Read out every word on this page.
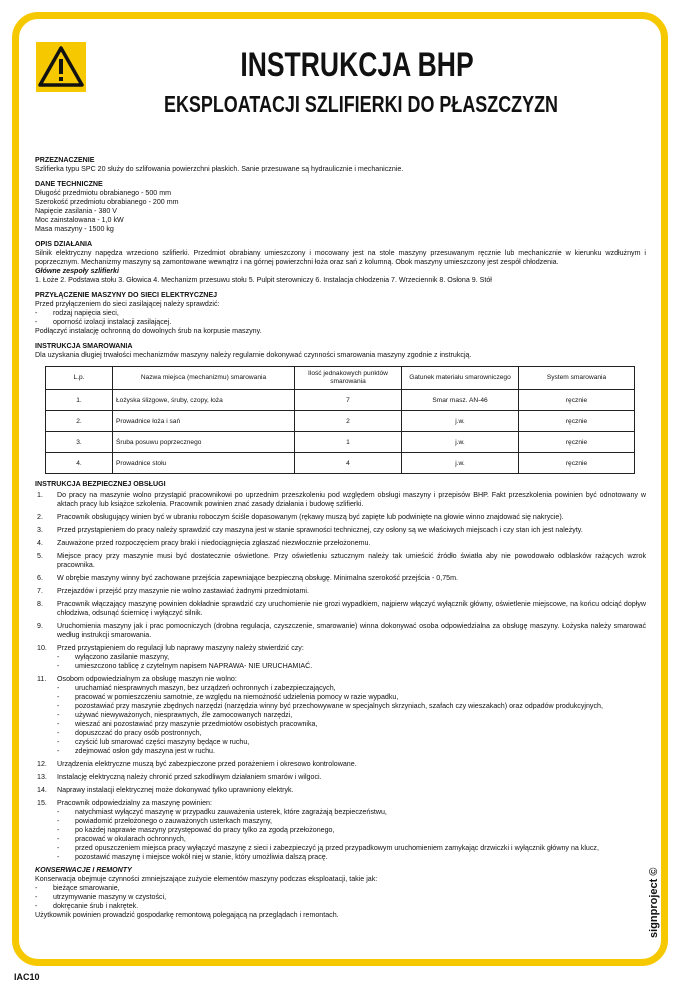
INSTRUKCJA BHP
EKSPLOATACJI SZLIFIERKI DO PŁASZCZYZN
PRZEZNACZENIE
Szlifierka typu SPC 20 służy do szlifowania powierzchni płaskich. Sanie przesuwane są hydraulicznie i mechanicznie.
DANE TECHNICZNE
Długość przedmiotu obrabianego - 500 mm
Szerokość przedmiotu obrabianego - 200 mm
Napięcie zasilania - 380 V
Moc zainstalowana - 1,0 kW
Masa maszyny - 1500 kg
OPIS DZIAŁANIA
Silnik elektryczny napędza wrzeciono szlifierki. Przedmiot obrabiany umieszczony i mocowany jest na stole maszyny przesuwanym ręcznie lub mechanicznie w kierunku wzdłużnym i poprzecznym. Mechanizmy maszyny są zamontowane wewnątrz i na górnej powierzchni łoża oraz sań z kolumną. Obok maszyny umieszczony jest zespół chłodzenia.
Główne zespoły szlifierki
1. Łoże 2. Podstawa stołu 3. Głowica 4. Mechanizm przesuwu stołu 5. Pulpit sterowniczy 6. Instalacja chłodzenia 7. Wrzeciennik 8. Osłona 9. Stół
PRZYŁĄCZENIE MASZYNY DO SIECI ELEKTRYCZNEJ
Przed przyłączeniem do sieci zasilającej należy sprawdzić:
- rodzaj napięcia sieci,
- oporność izolacji instalacji zasilającej.
Podłączyć instalację ochronną do dowolnych śrub na korpusie maszyny.
INSTRUKCJA SMAROWANIA
Dla uzyskania długiej trwałości mechanizmów maszyny należy regularnie dokonywać czynności smarowania maszyny zgodnie z instrukcją.
L.p.	Nazwa miejsca (mechanizmu) smarowania	Ilość jednakowych punktów smarowania	Gatunek materiału smarowniczego	System smarowania
1.	Łożyska ślizgowe, śruby, czopy, łoża	7	Smar masz. AN-46	ręcznie
2.	Prowadnice łoża i sań	2	j.w.	ręcznie
3.	Śruba posuwu poprzecznego	1	j.w.	ręcznie
4.	Prowadnice stołu	4	j.w.	ręcznie
INSTRUKCJA BEZPIECZNEJ OBSŁUGI
1.	Do pracy na maszynie wolno przystąpić pracownikowi po uprzednim przeszkoleniu pod względem obsługi maszyny i przepisów BHP. Fakt przeszkolenia powinien być odnotowany w aktach pracy lub książce szkolenia. Pracownik powinien znać zasady działania i budowę szlifierki.
2.	Pracownik obsługujący winien być w ubraniu roboczym ściśle dopasowanym (rękawy muszą być zapięte lub podwinięte na głowie winno znajdować się nakrycie).
3.	Przed przystąpieniem do pracy należy sprawdzić czy maszyna jest w stanie sprawności technicznej, czy osłony są we właściwych miejscach i czy stan ich jest należyty.
4.	Zauważone przed rozpoczęciem pracy braki i niedociągnięcia zgłaszać niezwłocznie przełożonemu.
5.	Miejsce pracy przy maszynie musi być dostatecznie oświetlone. Przy oświetleniu sztucznym należy tak umieścić źródło światła aby nie powodowało odblasków rażących wzrok pracownika.
6.	W obrębie maszyny winny być zachowane przejścia zapewniające bezpieczną obsługę. Minimalna szerokość przejścia - 0,75m.
7.	Przejazdów i przejść przy maszynie nie wolno zastawiać żadnymi przedmiotami.
8.	Pracownik włączający maszynę powinien dokładnie sprawdzić czy uruchomienie nie grozi wypadkiem, najpierw włączyć wyłącznik główny, oświetlenie miejscowe, na końcu odciąć dopływ chłodziwa, odsunąć ściernicę i wyłączyć silnik.
9.	Uruchomienia maszyny jak i prac pomocniczych (drobna regulacja, czyszczenie, smarowanie) winna dokonywać osoba odpowiedzialna za obsługę maszyny. Łożyska należy smarować według instrukcji smarowania.
10.	Przed przystąpieniem do regulacji lub naprawy maszyny należy stwierdzić czy:
- wyłączono zasilanie maszyny,
- umieszczono tablicę z czytelnym napisem NAPRAWA- NIE URUCHAMIAĆ.
11.	Osobom odpowiedzialnym za obsługę maszyn nie wolno:
- uruchamiać niesprawnych maszyn, bez urządzeń ochronnych i zabezpieczających,
- pracować w pomieszczeniu samotnie, ze względu na niemożność udzielenia pomocy w razie wypadku,
- pozostawiać przy maszynie zbędnych narzędzi (narzędzia winny być przechowywane w specjalnych skrzyniach, szafach czy wieszakach) oraz odpadów produkcyjnych,
- używać niewyważonych, niesprawnych, źle zamocowanych narzędzi,
- wieszać ani pozostawiać przy maszynie przedmiotów osobistych pracownika,
- dopuszczać do pracy osób postronnych,
- czyścić lub smarować części maszyny będące w ruchu,
- zdejmować osłon gdy maszyna jest w ruchu.
12.	Urządzenia elektryczne muszą być zabezpieczone przed porażeniem i okresowo kontrolowane.
13.	Instalację elektryczną należy chronić przed szkodliwym działaniem smarów i wilgoci.
14.	Naprawy instalacji elektrycznej może dokonywać tylko uprawniony elektryk.
15.	Pracownik odpowiedzialny za maszynę powinien:
- natychmiast wyłączyć maszynę w przypadku zauważenia usterek, które zagrażają bezpieczeństwu,
- powiadomić przełożonego o zauważonych usterkach maszyny,
- po każdej naprawie maszyny przystępować do pracy tylko za zgodą przełożonego,
- pracować w okularach ochronnych,
- przed opuszczeniem miejsca pracy wyłączyć maszynę z sieci i zabezpieczyć ją przed przypadkowym uruchomieniem zamykając drzwiczki i wyłącznik główny na klucz,
- pozostawić maszynę i miejsce wokół niej w stanie, który umożliwia dalszą pracę.
KONSERWACJE I REMONTY
Konserwacja obejmuje czynności zmniejszające zużycie elementów maszyny podczas eksploatacji, takie jak:
- bieżące smarowanie,
- utrzymywanie maszyny w czystości,
- dokręcanie śrub i nakrętek.
Użytkownik powinien prowadzić gospodarkę remontową polegającą na przeglądach i remontach.	signproject ©
IAC10
